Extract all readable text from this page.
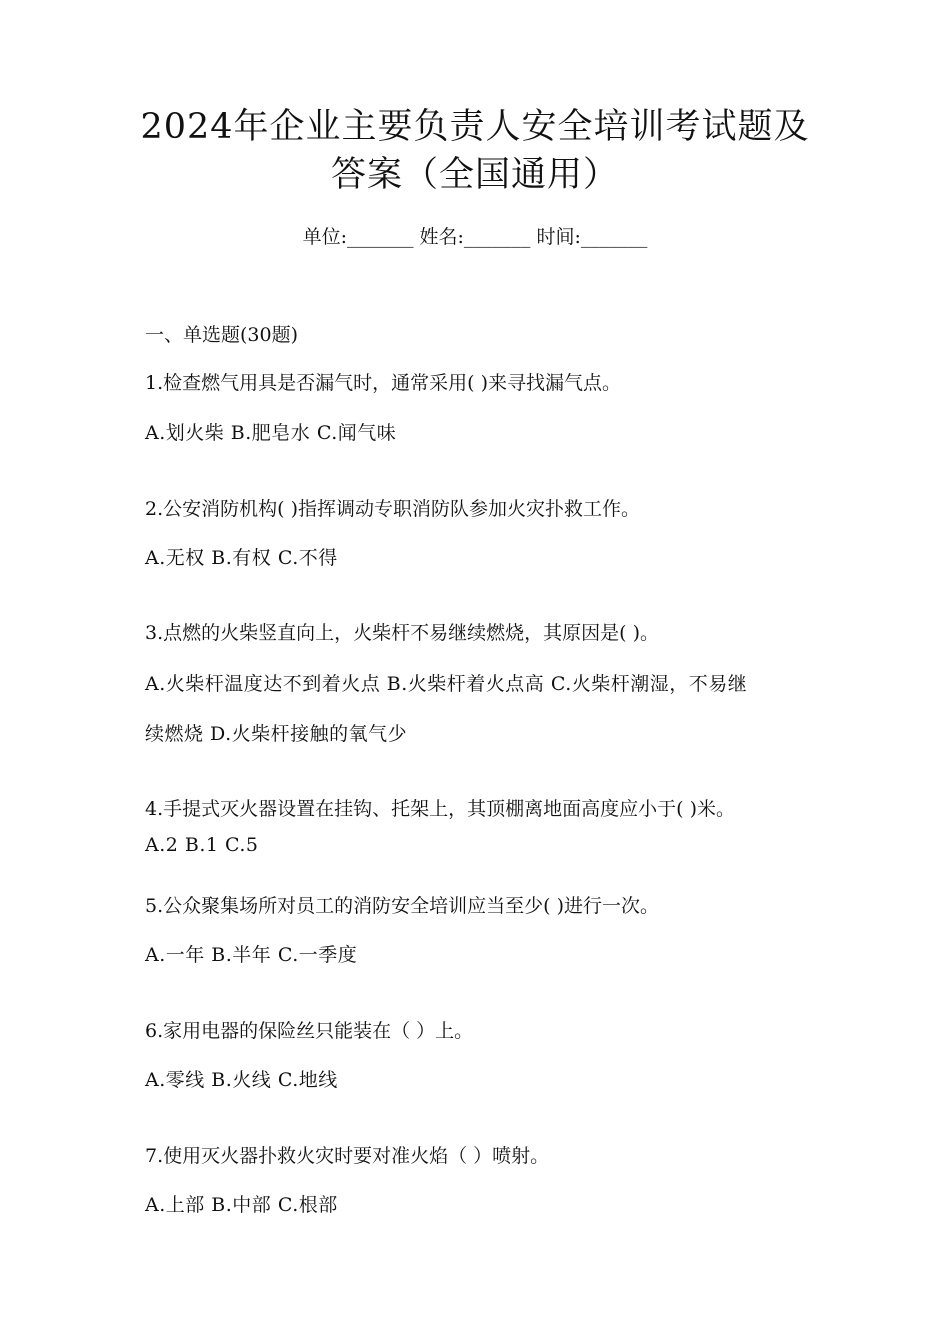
2024年企业主要负责人安全培训考试题及
答案（全国通用）
单位:_______ 姓名:_______ 时间:_______
一、单选题(30题)
1.检查燃气用具是否漏气时，通常采用( )来寻找漏气点。
A.划火柴 B.肥皂水 C.闻气味
2.公安消防机构( )指挥调动专职消防队参加火灾扑救工作。
A.无权 B.有权 C.不得
3.点燃的火柴竖直向上，火柴杆不易继续燃烧，其原因是( )。
A.火柴杆温度达不到着火点 B.火柴杆着火点高 C.火柴杆潮湿，不易继
续燃烧 D.火柴杆接触的氧气少
4.手提式灭火器设置在挂钩、托架上，其顶棚离地面高度应小于( )米。
A.2 B.1 C.5
5.公众聚集场所对员工的消防安全培训应当至少( )进行一次。
A.一年 B.半年 C.一季度
6.家用电器的保险丝只能装在（ ）上。
A.零线 B.火线 C.地线
7.使用灭火器扑救火灾时要对准火焰（ ）喷射。
A.上部 B.中部 C.根部
